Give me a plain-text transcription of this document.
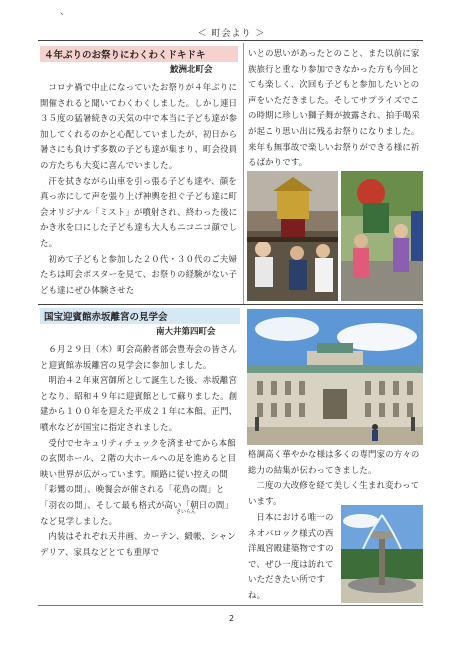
、
＜ 町会より ＞
４年ぶりのお祭りにわくわくドキドキ
鮫洲北町会

コロナ禍で中止になっていたお祭りが４年ぶりに開催されると聞いてわくわくしました。しかし連日３５度の猛暑続きの天気の中で本当に子ども達が参加してくれるのかと心配していましたが、初日から暑さにも負けず多数の子ども達が集まり、町会役員の方たちも大変に喜んでいました。

汗を拭きながら山車を引っ張る子ども達や、顔を真っ赤にして声を張り上げ神輿を担ぐ子ども達に町会オリジナル「ミスト」が噴射され、終わった後にかき氷を口にした子ども達も大人もニコニコ顔でした。

初めて子どもと参加した２０代・３０代のご夫婦たちは町会ポスターを見て、お祭りの経験がない子ども達にぜひ体験させた

いとの思いがあったとのこと、また以前に家族旅行と重なり参加できなかった方も今回とても楽しく、次回も子どもと参加したいとの声をいただきました。そしてサプライズでこの時期に珍しい獅子舞が披露され、拍手喝采が起こり思い出に残るお祭りになりました。来年も無事故で楽しいお祭りができる様に祈るばかりです。

国宝迎賓館赤坂離宮の見学会
南大井第四町会

６月２９日（木）町会高齢者部会豊寿会の皆さんと迎賓館赤坂離宮の見学会に参加しました。

明治４２年東宮御所として誕生した後、赤坂離宮となり、昭和４９年に迎賓館として蘇りました。創建から１００年を迎えた平成２１年に本館、正門、噴水などが国宝に指定されました。

受付でセキュリティチェックを済ませてから本館の玄関ホール、２階の大ホールへの足を進めると目映い世界が広がっています。順路に従い控えの間「彩鸞の間」、晩餐会が催される「花鳥の間」と「羽衣の間」、そして最も格式が高い「朝日の間」など見学しました。

内装はそれぞれ天井画、カーテン、緞帳、シャンデリア、家具などとても重厚で

さいらん

格調高く華やかな様は多くの専門家の方々の総力の結集が伝わってきました。

二度の大改修を経て美しく生まれ変わっています。

日本における唯一のネオバロック様式の西洋風宮殿建築物ですので、ぜひ一度は訪れていただきたい所ですね。

2
